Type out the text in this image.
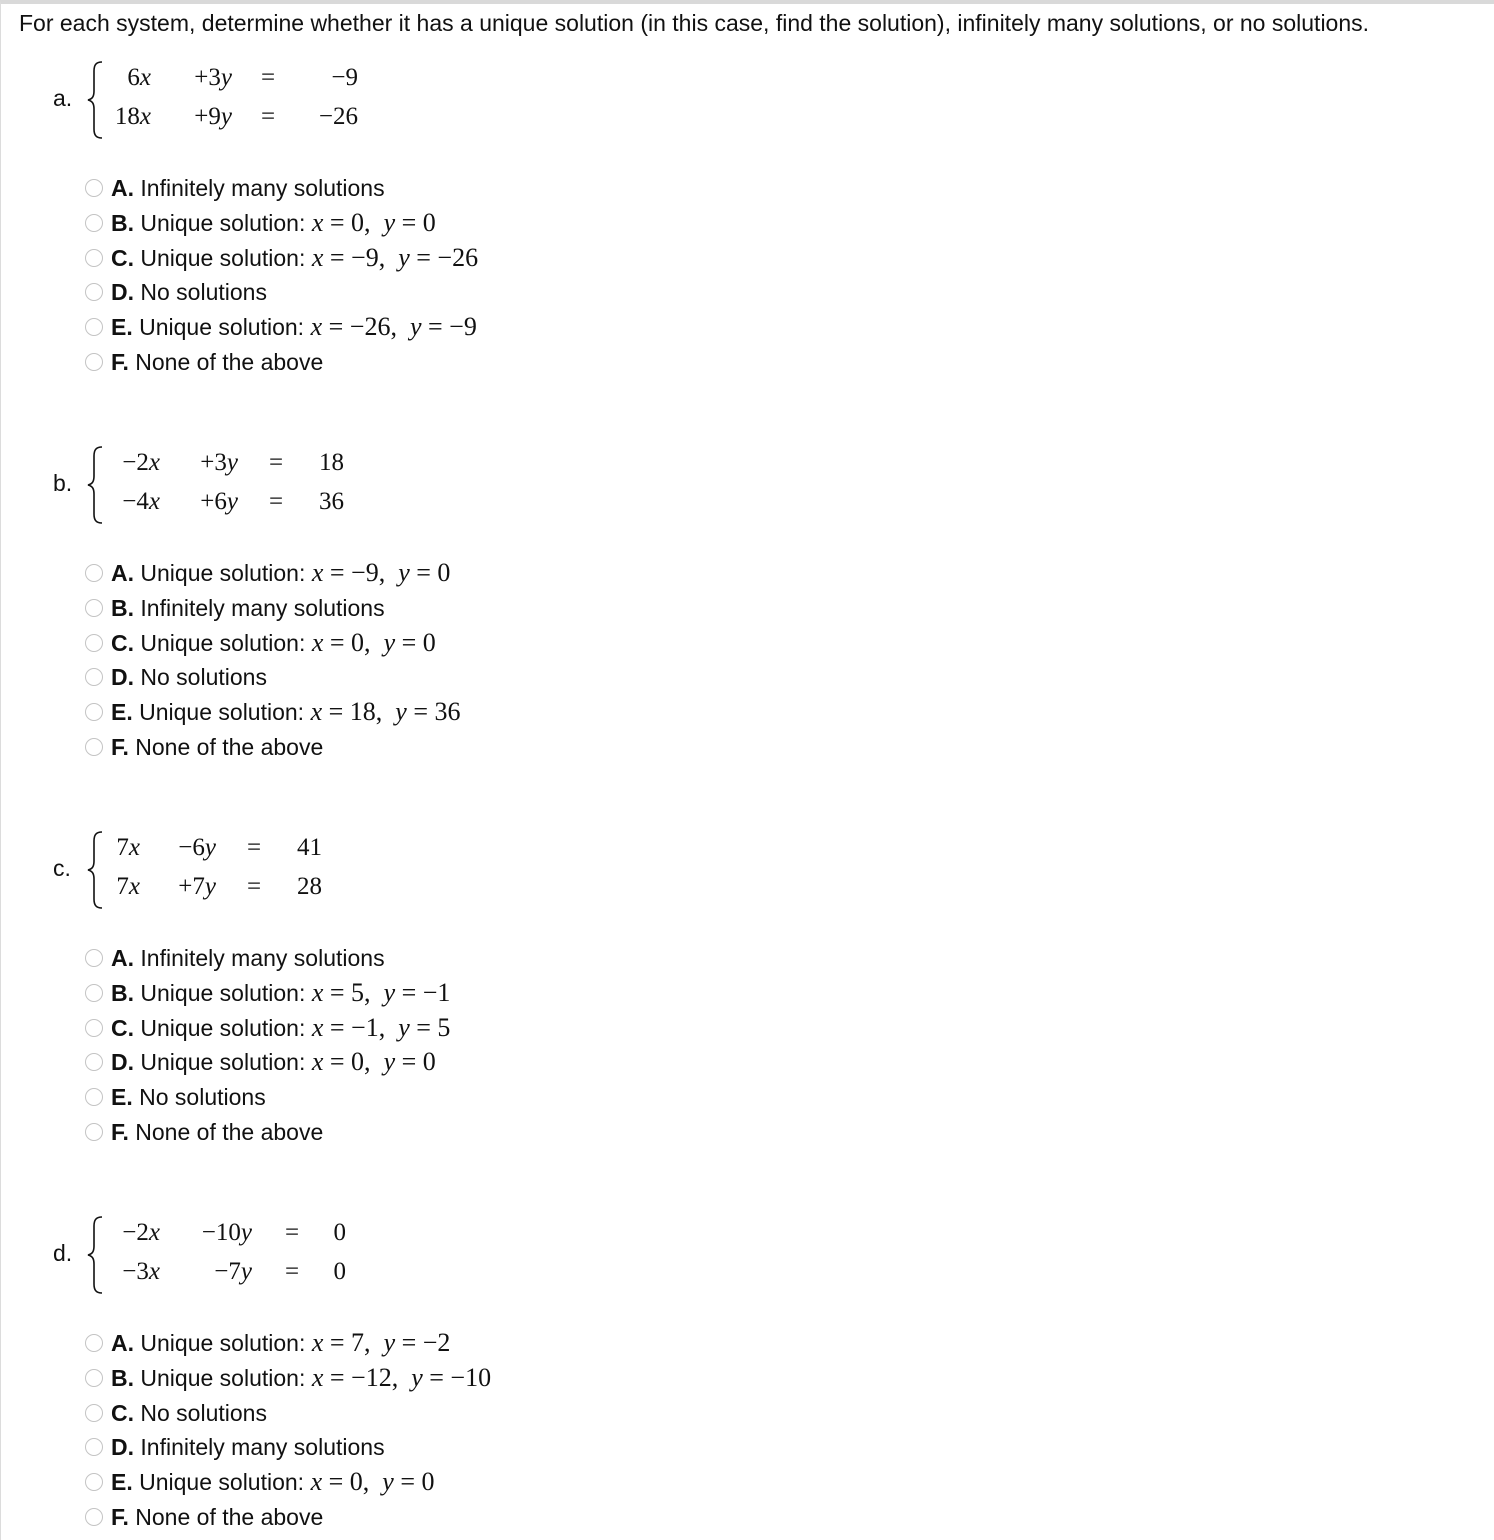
For each system, determine whether it has a unique solution (in this case, find the solution), infinitely many solutions, or no solutions.
a.
6x	+3y =	−9
18x	+9y =	−26
A. Infinitely many solutions
B. Unique solution: x = 0,  y = 0
C. Unique solution: x = −9,  y = −26
D. No solutions
E. Unique solution: x = −26,  y = −9
F. None of the above
b.
−2x	+3y =	18
−4x	+6y =	36
A. Unique solution: x = −9,  y = 0
B. Infinitely many solutions
C. Unique solution: x = 0,  y = 0
D. No solutions
E. Unique solution: x = 18,  y = 36
F. None of the above
c.
7x	−6y =	41
7x	+7y =	28
A. Infinitely many solutions
B. Unique solution: x = 5,  y = −1
C. Unique solution: x = −1,  y = 5
D. Unique solution: x = 0,  y = 0
E. No solutions
F. None of the above
d.
−2x	−10y =	0
−3x	−7y =	0
A. Unique solution: x = 7,  y = −2
B. Unique solution: x = −12,  y = −10
C. No solutions
D. Infinitely many solutions
E. Unique solution: x = 0,  y = 0
F. None of the above
